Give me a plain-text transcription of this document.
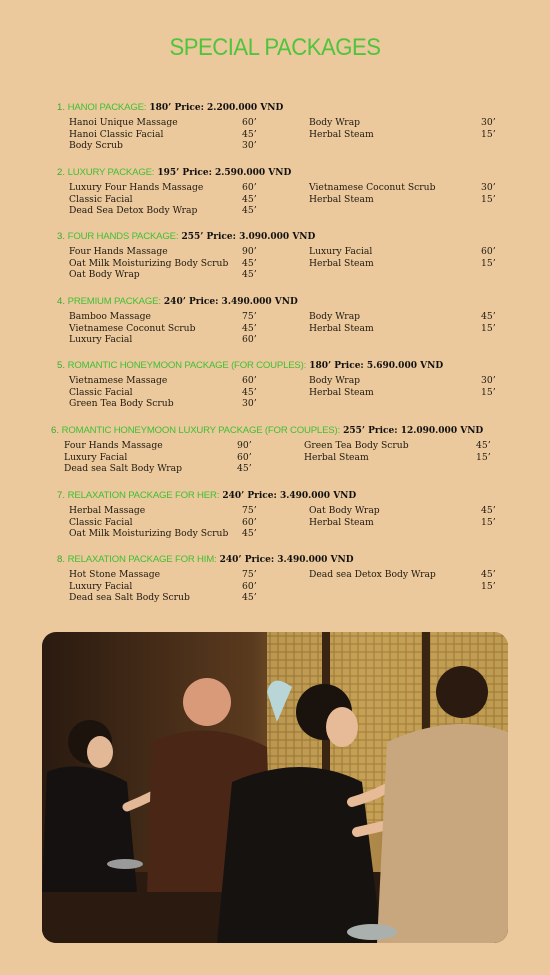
SPECIAL PACKAGES
1. HANOI PACKAGE: 180’ Price: 2.200.000 VND
Hanoi Unique Massage	60’
Hanoi Classic Facial	45’
Body Scrub	30’
Body Wrap	30’
Herbal Steam	15’
2. LUXURY PACKAGE: 195’ Price: 2.590.000 VND
Luxury Four Hands Massage	60’
Classic Facial	45’
Dead Sea Detox Body Wrap	45’
Vietnamese Coconut Scrub	30’
Herbal Steam	15’
3. FOUR HANDS PACKAGE: 255’ Price: 3.090.000 VND
Four Hands Massage	90’
Oat Milk Moisturizing Body Scrub 45’
Oat Body Wrap	45’
Luxury Facial	60’
Herbal Steam	15’
4. PREMIUM PACKAGE: 240’ Price: 3.490.000 VND
Bamboo Massage	75’
Vietnamese Coconut Scrub	45’
Luxury Facial	60’
Body Wrap	45’
Herbal Steam	15’
5. ROMANTIC HONEYMOON PACKAGE (FOR COUPLES): 180’ Price: 5.690.000 VND
Vietnamese Massage	60’
Classic Facial	45’
Green Tea Body Scrub	30’
Body Wrap	30’
Herbal Steam	15’
6. ROMANTIC HONEYMOON LUXURY PACKAGE (FOR COUPLES): 255’ Price: 12.090.000 VND
Four Hands Massage	90’
Luxury Facial	60’
Dead sea Salt Body Wrap	45’
Green Tea Body Scrub	45’
Herbal Steam	15’
7. RELAXATION PACKAGE FOR HER: 240’ Price: 3.490.000 VND
Herbal Massage	75’
Classic Facial	60’
Oat Milk Moisturizing Body Scrub 45’
Oat Body Wrap	45’
Herbal Steam	15’
8. RELAXATION PACKAGE FOR HIM: 240’ Price: 3.490.000 VND
Hot Stone Massage	75’
Luxury Facial	60’
Dead sea Salt Body Scrub	45’
Dead sea Detox Body Wrap	45’
15’
